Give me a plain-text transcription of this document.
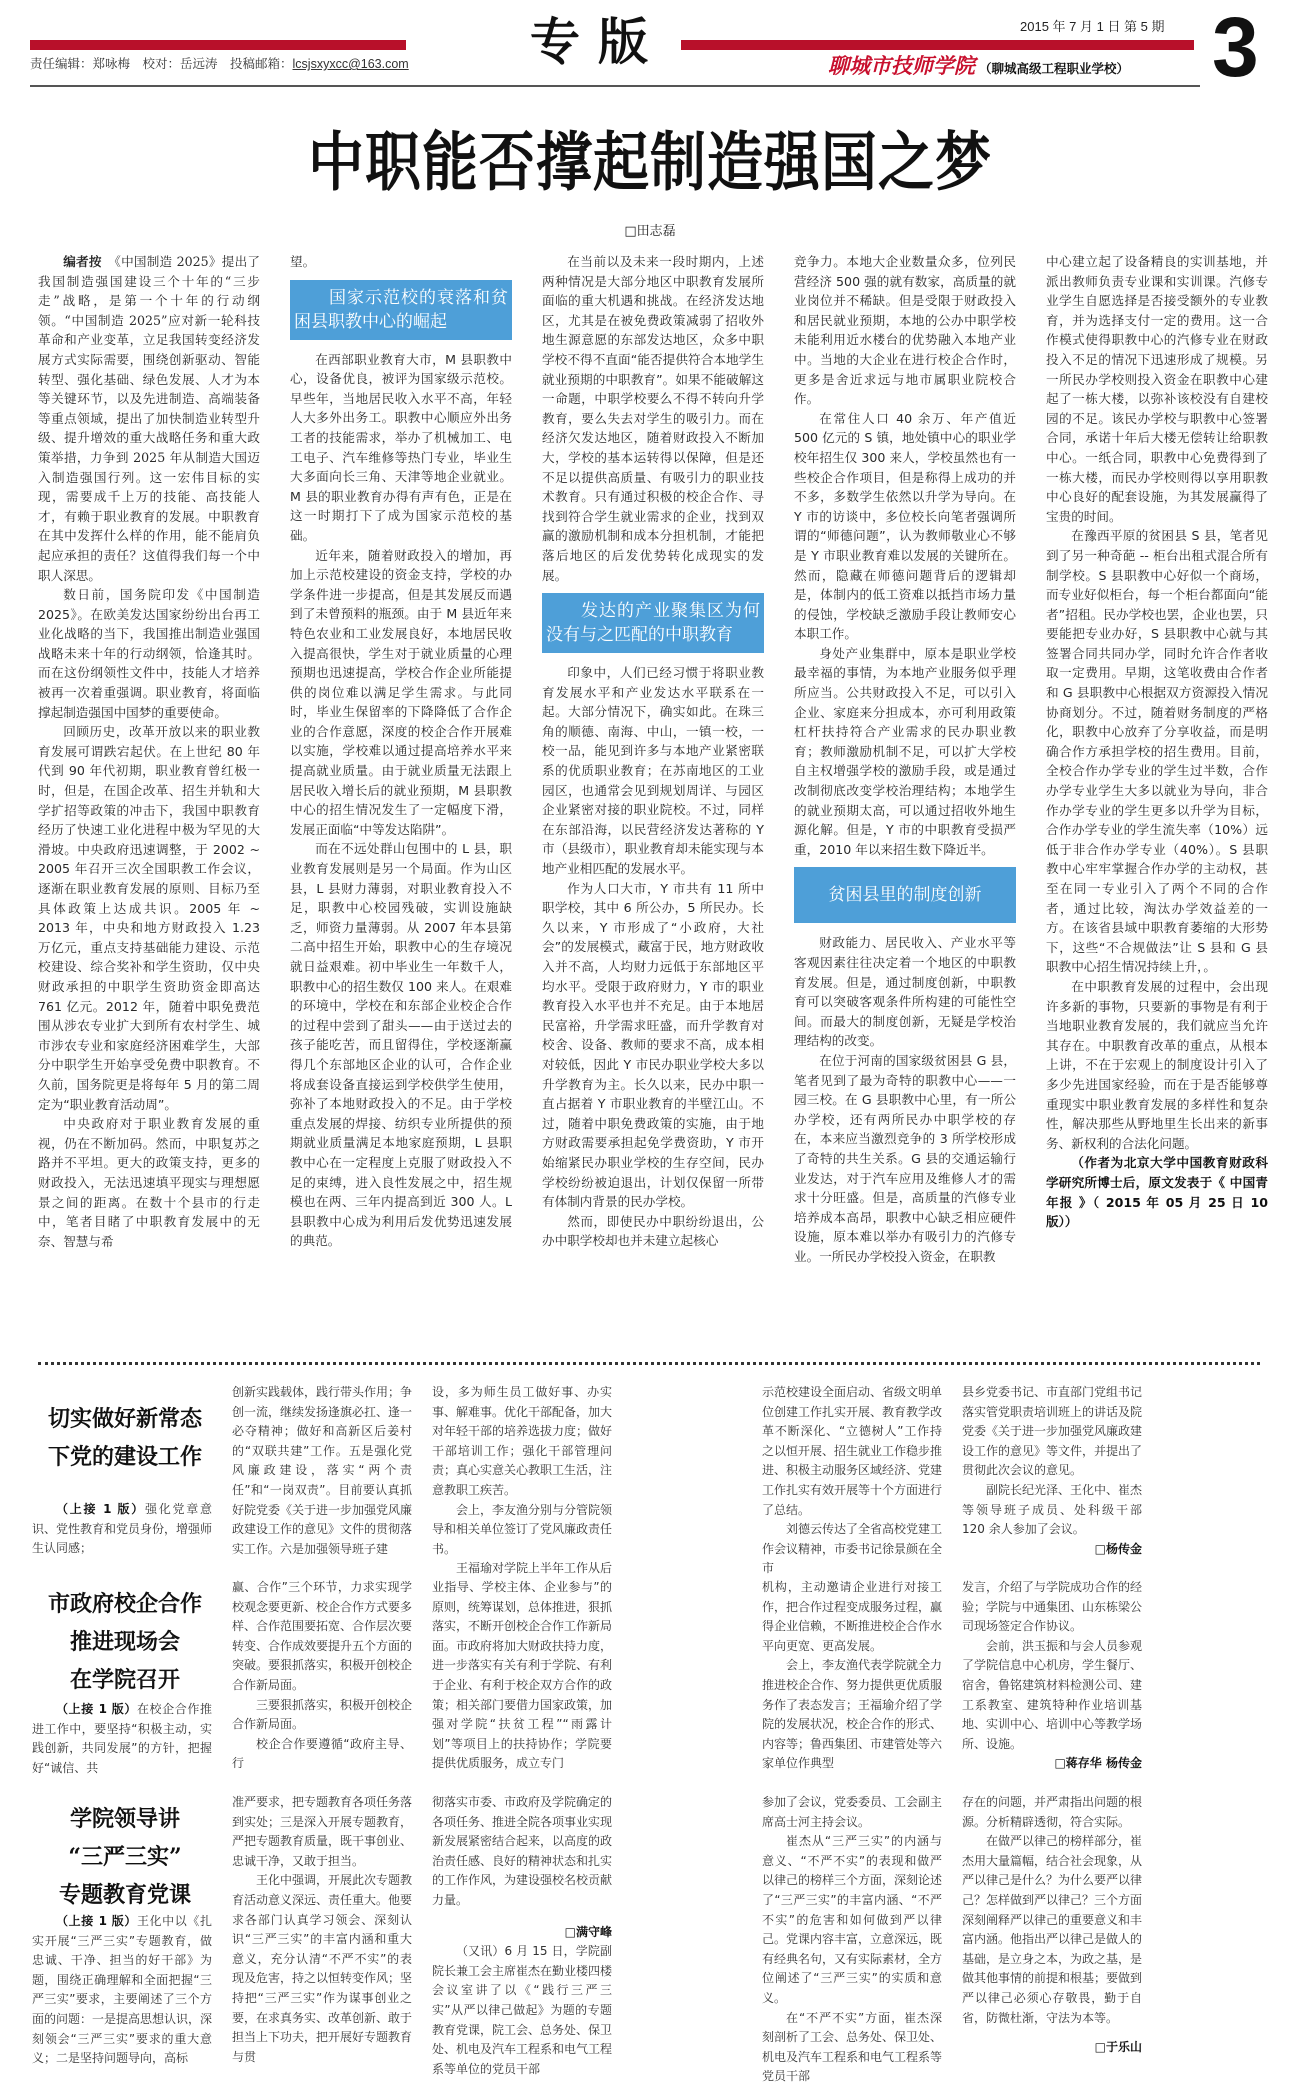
责任编辑：郑咏梅　校对：岳远涛　投稿邮箱：lcsjsxyxcc@163.com 专版	2015 年 7 月 1 日 第 5 期
聊城市技师学院 （聊城高级工程职业学校） 3
中职能否撑起制造强国之梦
□田志磊
编者按　 《中国制造 2025》提出了我国制造强国建设三个十年的“三步走”战略，是第一个十年的行动纲领。“中国制造 2025”应对新一轮科技革命和产业变革，立足我国转变经济发展方式实际需要，围绕创新驱动、智能转型、强化基础、绿色发展、人才为本等关键环节，以及先进制造、高端装备等重点领域，提出了加快制造业转型升级、提升增效的重大战略任务和重大政策举措，力争到 2025 年从制造大国迈入制造强国行列。这一宏伟目标的实现，需要成千上万的技能、高技能人才，有赖于职业教育的发展。中职教育在其中发挥什么样的作用，能不能肩负起应承担的责任？这值得我们每一个中职人深思。

数日前，国务院印发《中国制造 2025》。在欧美发达国家纷纷出台再工业化战略的当下，我国推出制造业强国战略未来十年的行动纲领，恰逢其时。而在这份纲领性文件中，技能人才培养被再一次着重强调。职业教育，将面临撑起制造强国中国梦的重要使命。

回顾历史，改革开放以来的职业教育发展可谓跌宕起伏。在上世纪 80 年代到 90 年代初期，职业教育曾红极一时，但是，在国企改革、招生并轨和大学扩招等政策的冲击下，我国中职教育经历了快速工业化进程中极为罕见的大滑坡。中央政府迅速调整，于 2002 ~ 2005 年召开三次全国职教工作会议，逐渐在职业教育发展的原则、目标乃至具体政策上达成共识。2005 年 ~ 2013 年，中央和地方财政投入 1.23 万亿元，重点支持基础能力建设、示范校建设、综合奖补和学生资助，仅中央财政承担的中职学生资助资金即高达 761 亿元。2012 年，随着中职免费范围从涉农专业扩大到所有农村学生、城市涉农专业和家庭经济困难学生，大部分中职学生开始享受免费中职教育。不久前，国务院更是将每年 5 月的第二周定为“职业教育活动周”。

中央政府对于职业教育发展的重视，仍在不断加码。然而，中职复苏之路并不平坦。更大的政策支持，更多的财政投入，无法迅速填平现实与理想愿景之间的距离。在数十个县市的行走中，笔者目睹了中职教育发展中的无奈、智慧与希

望。

国家示范校的衰落和贫困县职教中心的崛起

在西部职业教育大市，M 县职教中心，设备优良，被评为国家级示范校。早些年，当地居民收入水平不高，年轻人大多外出务工。职教中心顺应外出务工者的技能需求，举办了机械加工、电工电子、汽车维修等热门专业，毕业生大多面向长三角、天津等地企业就业。M 县的职业教育办得有声有色，正是在这一时期打下了成为国家示范校的基础。

近年来，随着财政投入的增加，再加上示范校建设的资金支持，学校的办学条件进一步提高，但是其发展反而遇到了未曾预料的瓶颈。由于 M 县近年来特色农业和工业发展良好，本地居民收入提高很快，学生对于就业质量的心理预期也迅速提高，学校合作企业所能提供的岗位难以满足学生需求。与此同时，毕业生保留率的下降降低了合作企业的合作意愿，深度的校企合作开展难以实施，学校难以通过提高培养水平来提高就业质量。由于就业质量无法跟上居民收入增长后的就业预期，M 县职教中心的招生情况发生了一定幅度下滑，发展正面临“中等发达陷阱”。

而在不远处群山包围中的 L 县，职业教育发展则是另一个局面。作为山区县，L 县财力薄弱，对职业教育投入不足，职教中心校园残破，实训设施缺乏，师资力量薄弱。从 2007 年本县第二高中招生开始，职教中心的生存境况就日益艰难。初中毕业生一年数千人，职教中心的招生数仅 100 来人。在艰难的环境中，学校在和东部企业校企合作的过程中尝到了甜头——由于送过去的孩子能吃苦，而且留得住，学校逐渐赢得几个东部地区企业的认可，合作企业将成套设备直接运到学校供学生使用，弥补了本地财政投入的不足。由于学校重点发展的焊接、纺织专业所提供的预期就业质量满足本地家庭预期，L 县职教中心在一定程度上克服了财政投入不足的束缚，进入良性发展之中，招生规模也在两、三年内提高到近 300 人。L 县职教中心成为利用后发优势迅速发展的典范。

在当前以及未来一段时期内，上述两种情况是大部分地区中职教育发展所面临的重大机遇和挑战。在经济发达地区，尤其是在被免费政策减弱了招收外地生源意愿的东部发达地区，众多中职学校不得不直面“能否提供符合本地学生就业预期的中职教育”。如果不能破解这一命题，中职学校要么不得不转向升学教育，要么失去对学生的吸引力。而在经济欠发达地区，随着财政投入不断加大，学校的基本运转得以保障，但是还不足以提供高质量、有吸引力的职业技术教育。只有通过积极的校企合作、寻找到符合学生就业需求的企业，找到双赢的激励机制和成本分担机制，才能把落后地区的后发优势转化成现实的发展。

发达的产业聚集区为何没有与之匹配的中职教育

印象中，人们已经习惯于将职业教育发展水平和产业发达水平联系在一起。大部分情况下，确实如此。在珠三角的顺德、南海、中山，一镇一校，一校一品，能见到许多与本地产业紧密联系的优质职业教育；在苏南地区的工业园区，也通常会见到规划周详、与园区企业紧密对接的职业院校。不过，同样在东部沿海，以民营经济发达著称的 Y 市（县级市），职业教育却未能实现与本地产业相匹配的发展水平。

作为人口大市，Y 市共有 11 所中职学校，其中 6 所公办，5 所民办。长久以来，Y 市形成了“小政府，大社会”的发展模式，藏富于民，地方财政收入并不高，人均财力远低于东部地区平均水平。受限于政府财力，Y 市的职业教育投入水平也并不充足。由于本地居民富裕，升学需求旺盛，而升学教育对校舍、设备、教师的要求不高，成本相对较低，因此 Y 市民办职业学校大多以升学教育为主。长久以来，民办中职一直占据着 Y 市职业教育的半壁江山。不过，随着中职免费政策的实施，由于地方财政需要承担起免学费资助，Y 市开始缩紧民办职业学校的生存空间，民办学校纷纷被迫退出，计划仅保留一所带有体制内背景的民办学校。

然而，即使民办中职纷纷退出，公办中职学校却也并未建立起核心

竞争力。本地大企业数量众多，位列民营经济 500 强的就有数家，高质量的就业岗位并不稀缺。但是受限于财政投入和居民就业预期，本地的公办中职学校未能利用近水楼台的优势融入本地产业中。当地的大企业在进行校企合作时，更多是舍近求远与地市属职业院校合作。

在常住人口 40 余万、年产值近 500 亿元的 S 镇，地处镇中心的职业学校年招生仅 300 来人，学校虽然也有一些校企合作项目，但是称得上成功的并不多，多数学生依然以升学为导向。在 Y 市的访谈中，多位校长向笔者强调所谓的“师德问题”，认为教师敬业心不够是 Y 市职业教育难以发展的关键所在。然而，隐藏在师德问题背后的逻辑却是，体制内的低工资难以抵挡市场力量的侵蚀，学校缺乏激励手段让教师安心本职工作。

身处产业集群中，原本是职业学校最幸福的事情，为本地产业服务似乎理所应当。公共财政投入不足，可以引入企业、家庭来分担成本，亦可利用政策杠杆扶持符合产业需求的民办职业教育；教师激励机制不足，可以扩大学校自主权增强学校的激励手段，或是通过改制彻底改变学校治理结构；本地学生的就业预期太高，可以通过招收外地生源化解。但是，Y 市的中职教育受损严重，2010 年以来招生数下降近半。

贫困县里的制度创新

财政能力、居民收入、产业水平等客观因素往往决定着一个地区的中职教育发展。但是，通过制度创新，中职教育可以突破客观条件所构建的可能性空间。而最大的制度创新，无疑是学校治理结构的改变。

在位于河南的国家级贫困县 G 县，笔者见到了最为奇特的职教中心——一园三校。在 G 县职教中心里，有一所公办学校，还有两所民办中职学校的存在，本来应当激烈竞争的 3 所学校形成了奇特的共生关系。G 县的交通运输行业发达，对于汽车应用及维修人才的需求十分旺盛。但是，高质量的汽修专业培养成本高昂，职教中心缺乏相应硬件设施，原本难以举办有吸引力的汽修专业。一所民办学校投入资金，在职教

中心建立起了设备精良的实训基地，并派出教师负责专业课和实训课。汽修专业学生自愿选择是否接受额外的专业教育，并为选择支付一定的费用。这一合作模式使得职教中心的汽修专业在财政投入不足的情况下迅速形成了规模。另一所民办学校则投入资金在职教中心建起了一栋大楼，以弥补该校没有自建校园的不足。该民办学校与职教中心签署合同，承诺十年后大楼无偿转让给职教中心。一纸合同，职教中心免费得到了一栋大楼，而民办学校则得以享用职教中心良好的配套设施，为其发展赢得了宝贵的时间。

在豫西平原的贫困县 S 县，笔者见到了另一种奇葩 -- 柜台出租式混合所有制学校。S 县职教中心好似一个商场，而专业好似柜台，每一个柜台都面向“能者”招租。民办学校也罢，企业也罢，只要能把专业办好，S 县职教中心就与其签署合同共同办学，同时允许合作者收取一定费用。早期，这笔收费由合作者和 G 县职教中心根据双方资源投入情况协商划分。不过，随着财务制度的严格化，职教中心放弃了分享收益，而是明确合作方承担学校的招生费用。目前，全校合作办学专业的学生过半数，合作办学专业学生大多以就业为导向，非合作办学专业的学生更多以升学为目标，合作办学专业的学生流失率（10%）远低于非合作办学专业（40%）。S 县职教中心牢牢掌握合作办学的主动权，甚至在同一专业引入了两个不同的合作者，通过比较，淘汰办学效益差的一方。在该省县域中职教育萎缩的大形势下，这些“不合规做法”让 S 县和 G 县职教中心招生情况持续上升，。

在中职教育发展的过程中，会出现许多新的事物，只要新的事物是有利于当地职业教育发展的，我们就应当允许其存在。中职教育改革的重点，从根本上讲，不在于宏观上的制度设计引入了多少先进国家经验，而在于是否能够尊重现实中职业教育发展的多样性和复杂性，解决那些从野地里生长出来的新事务、新权利的合法化问题。

（作者为北京大学中国教育财政科学研究所博士后，原文发表于《 中国青年报 》（ 2015 年 05 月 25 日 10 版））

切实做好新常态
下党的建设工作

（上接 1 版）强化党章意识、党性教育和党员身份，增强师生认同感；

创新实践载体，践行带头作用；争创一流，继续发扬逢旗必扛、逢一必夺精神；做好和高新区后姜村的“双联共建”工作。五是强化党风廉政建设，落实“两个责任”和“一岗双责”。目前要认真抓好院党委《关于进一步加强党风廉政建设工作的意见》文件的贯彻落实工作。六是加强领导班子建

设，多为师生员工做好事、办实事、解难事。优化干部配备，加大对年轻干部的培养选拔力度；做好干部培训工作；强化干部管理问责；真心实意关心教职工生活，注意教职工疾苦。

会上，李友渔分别与分管院领导和相关单位签订了党风廉政责任书。

王福瑜对学院上半年工作从后

示范校建设全面启动、省级文明单位创建工作扎实开展、教育教学改革不断深化、“立德树人”工作持之以恒开展、招生就业工作稳步推进、积极主动服务区域经济、党建工作扎实有效开展等十个方面进行了总结。

刘德云传达了全省高校党建工作会议精神，市委书记徐景颜在全市

县乡党委书记、市直部门党组书记落实管党职责培训班上的讲话及院党委《关于进一步加强党风廉政建设工作的意见》等文件，并提出了贯彻此次会议的意见。

副院长纪光泽、王化中、崔杰等领导班子成员、处科级干部 120 余人参加了会议。

□杨传金
市政府校企合作
推进现场会
在学院召开

（上接 1 版）在校企合作推进工作中，要坚持“积极主动，实践创新，共同发展”的方针，把握好“诚信、共

赢、合作”三个环节，力求实现学校观念要更新、校企合作方式要多样、合作范围要拓宽、合作层次要转变、合作成效要提升五个方面的突破。要狠抓落实，积极开创校企合作新局面。

三要狠抓落实，积极开创校企合作新局面。

校企合作要遵循“政府主导、行

业指导、学校主体、企业参与”的原则，统筹谋划，总体推进，狠抓落实，不断开创校企合作工作新局面。市政府将加大财政扶持力度，进一步落实有关有利于学院、有利于企业、有利于校企双方合作的政策；相关部门要借力国家政策，加强对学院“扶贫工程”“雨露计划”等项目上的扶持协作；学院要提供优质服务，成立专门

机构，主动邀请企业进行对接工作，把合作过程变成服务过程，赢得企业信赖，不断推进校企合作水平向更宽、更高发展。

会上，李友渔代表学院就全力推进校企合作、努力提供更优质服务作了表态发言；王福瑜介绍了学院的发展状况，校企合作的形式、内容等；鲁西集团、市建管处等六家单位作典型

发言，介绍了与学院成功合作的经验；学院与中通集团、山东栋梁公司现场签定合作协议。

会前，洪玉振和与会人员参观了学院信息中心机房，学生餐厅、宿舍，鲁铭建筑材料检测公司、建工系教室、建筑特种作业培训基地、实训中心、培训中心等教学场所、设施。

□蒋存华 杨传金
学院领导讲
“三严三实”
专题教育党课

（上接 1 版）王化中以《扎实开展“三严三实”专题教育，做忠诚、干净、担当的好干部》为题，围绕正确理解和全面把握“三严三实”要求，主要阐述了三个方面的问题：一是提高思想认识，深刻领会“三严三实”要求的重大意义；二是坚持问题导向，高标

准严要求，把专题教育各项任务落到实处；三是深入开展专题教育，严把专题教育质量，既干事创业、忠诚干净，又敢于担当。

王化中强调，开展此次专题教育活动意义深远、责任重大。他要求各部门认真学习领会、深刻认识“三严三实”的丰富内涵和重大意义，充分认清“不严不实”的表现及危害，持之以恒转变作风；坚持把“三严三实”作为谋事创业之要，在求真务实、改革创新、敢于担当上下功夫，把开展好专题教育与贯

彻落实市委、市政府及学院确定的各项任务、推进全院各项事业实现新发展紧密结合起来，以高度的政治责任感、良好的精神状态和扎实的工作作风，为建设强校名校贡献力量。

□满守峰

（又讯）6 月 15 日，学院副院长兼工会主席崔杰在勤业楼四楼会议室讲了以《“践行三严三实”从严以律己做起》为题的专题教育党课，院工会、总务处、保卫处、机电及汽车工程系和电气工程系等单位的党员干部

参加了会议，党委委员、工会副主席高士河主持会议。

崔杰从“三严三实”的内涵与意义、“不严不实”的表现和做严以律己的榜样三个方面，深刻论述了“三严三实”的丰富内涵、“不严不实”的危害和如何做到严以律己。党课内容丰富，立意深远，既有经典名句，又有实际素材，全方位阐述了“三严三实”的实质和意义。

在“不严不实”方面，崔杰深刻剖析了工会、总务处、保卫处、机电及汽车工程系和电气工程系等党员干部

存在的问题，并严肃指出问题的根源。分析精辟透彻，符合实际。

在做严以律己的榜样部分，崔杰用大量篇幅，结合社会现象，从严以律己是什么？为什么要严以律己？怎样做到严以律己？三个方面深刻阐释严以律己的重要意义和丰富内涵。他指出严以律己是做人的基础，是立身之本，为政之基，是做其他事情的前提和根基；要做到严以律己必须心存敬畏，勤于自省，防微杜渐，守法为本等。

□于乐山
